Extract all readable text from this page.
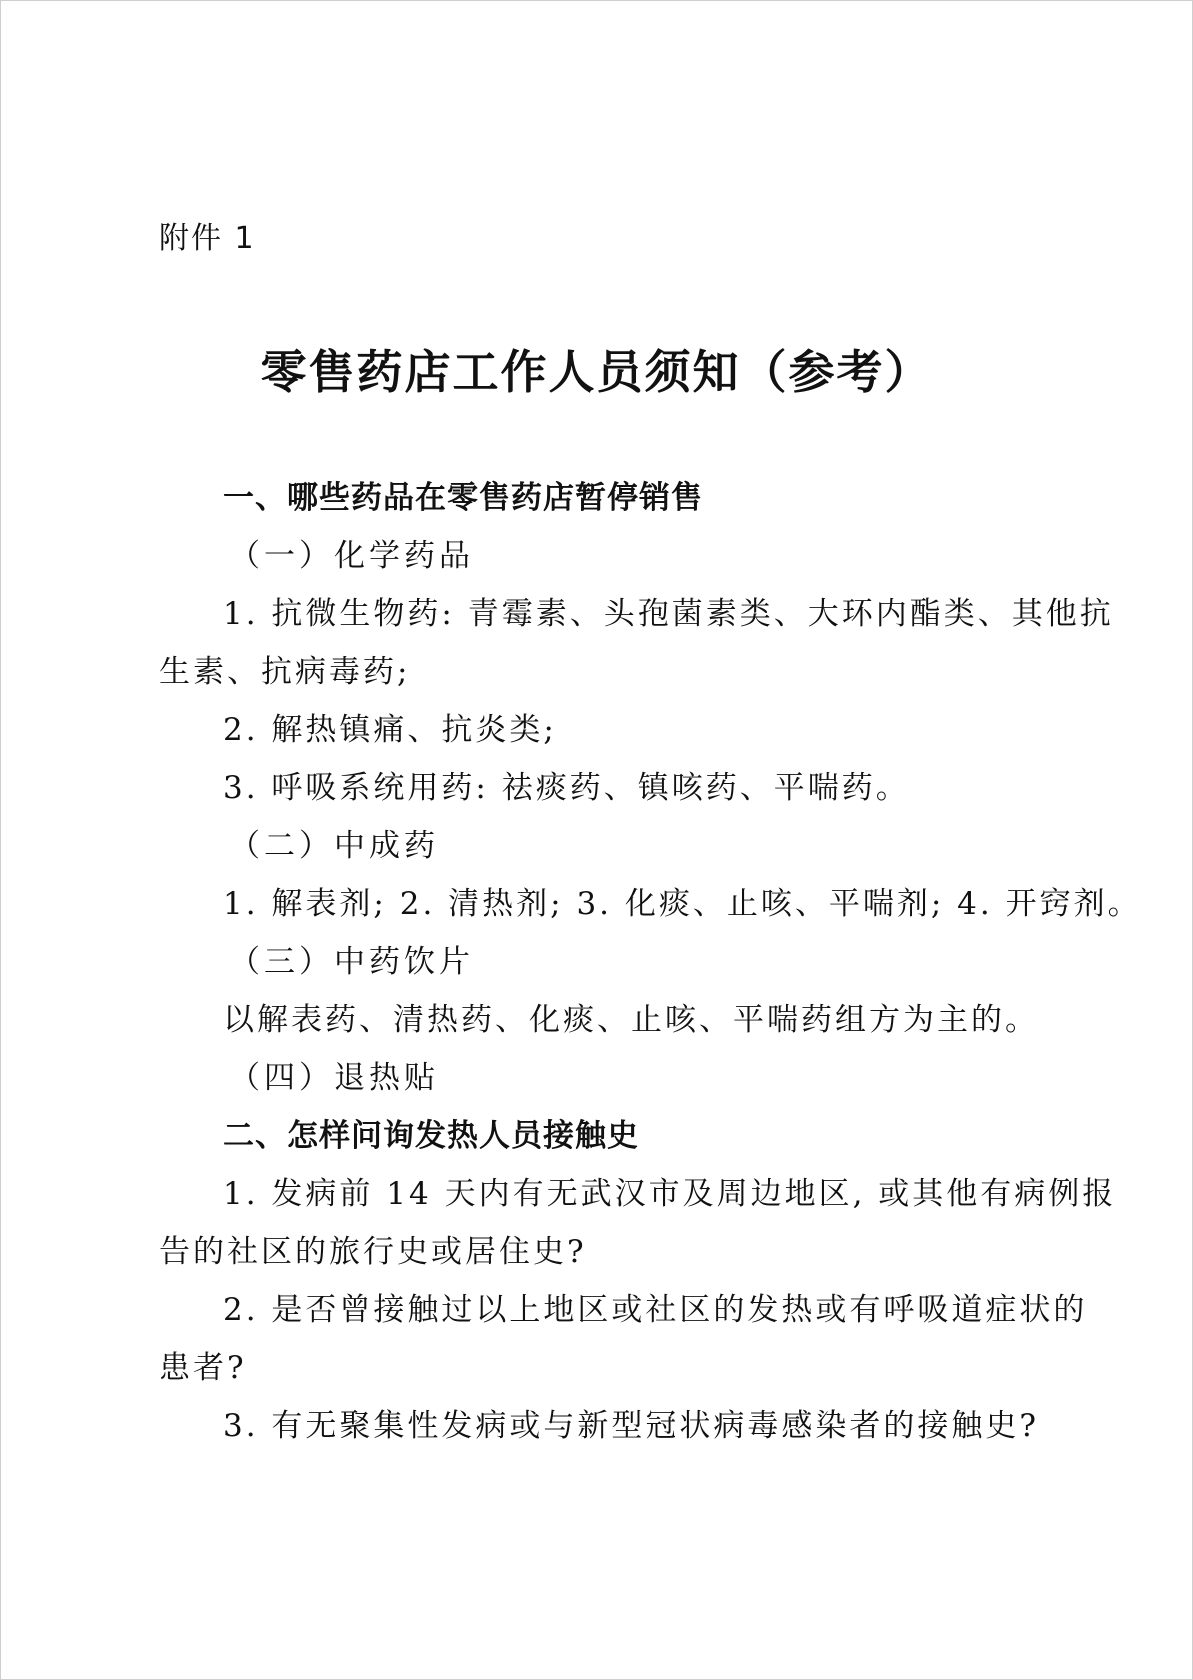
附件 1
零售药店工作人员须知（参考）
一、哪些药品在零售药店暂停销售
（一）化学药品
1. 抗微生物药: 青霉素、头孢菌素类、大环内酯类、其他抗
生素、抗病毒药;
2. 解热镇痛、抗炎类;
3. 呼吸系统用药: 祛痰药、镇咳药、平喘药。
（二）中成药
1. 解表剂; 2. 清热剂; 3. 化痰、止咳、平喘剂; 4. 开窍剂。
（三）中药饮片
以解表药、清热药、化痰、止咳、平喘药组方为主的。
（四）退热贴
二、怎样问询发热人员接触史
1. 发病前 14 天内有无武汉市及周边地区, 或其他有病例报
告的社区的旅行史或居住史?
2. 是否曾接触过以上地区或社区的发热或有呼吸道症状的
患者?
3. 有无聚集性发病或与新型冠状病毒感染者的接触史?
